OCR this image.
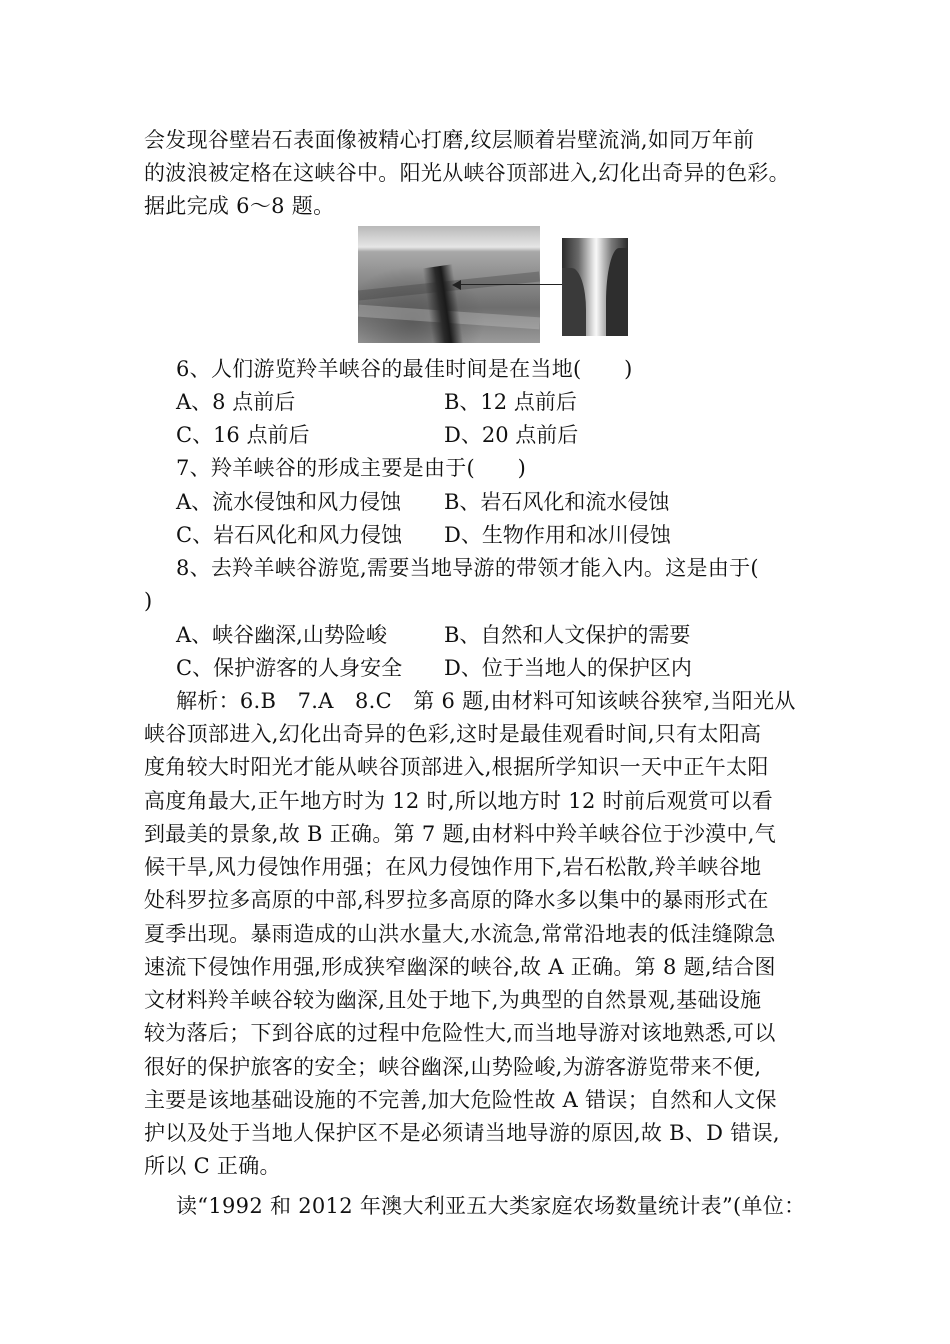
会发现谷壁岩石表面像被精心打磨,纹层顺着岩壁流淌,如同万年前
的波浪被定格在这峡谷中。阳光从峡谷顶部进入,幻化出奇异的色彩。
据此完成 6～8 题。
6、人们游览羚羊峡谷的最佳时间是在当地(　　)
A、8 点前后	B、12 点前后
C、16 点前后	D、20 点前后
7、羚羊峡谷的形成主要是由于(　　)
A、流水侵蚀和风力侵蚀 B、岩石风化和流水侵蚀
C、岩石风化和风力侵蚀 D、生物作用和冰川侵蚀
8、去羚羊峡谷游览,需要当地导游的带领才能入内。这是由于(
)
A、峡谷幽深,山势险峻	B、自然和人文保护的需要
C、保护游客的人身安全 D、位于当地人的保护区内
解析：6.B　7.A　8.C　第 6 题,由材料可知该峡谷狭窄,当阳光从
峡谷顶部进入,幻化出奇异的色彩,这时是最佳观看时间,只有太阳高
度角较大时阳光才能从峡谷顶部进入,根据所学知识一天中正午太阳
高度角最大,正午地方时为 12 时,所以地方时 12 时前后观赏可以看
到最美的景象,故 B 正确。第 7 题,由材料中羚羊峡谷位于沙漠中,气
候干旱,风力侵蚀作用强；在风力侵蚀作用下,岩石松散,羚羊峡谷地
处科罗拉多高原的中部,科罗拉多高原的降水多以集中的暴雨形式在
夏季出现。暴雨造成的山洪水量大,水流急,常常沿地表的低洼缝隙急
速流下侵蚀作用强,形成狭窄幽深的峡谷,故 A 正确。第 8 题,结合图
文材料羚羊峡谷较为幽深,且处于地下,为典型的自然景观,基础设施
较为落后；下到谷底的过程中危险性大,而当地导游对该地熟悉,可以
很好的保护旅客的安全；峡谷幽深,山势险峻,为游客游览带来不便,
主要是该地基础设施的不完善,加大危险性故 A 错误；自然和人文保
护以及处于当地人保护区不是必须请当地导游的原因,故 B、D 错误,
所以 C 正确。
读“1992 和 2012 年澳大利亚五大类家庭农场数量统计表”(单位：
